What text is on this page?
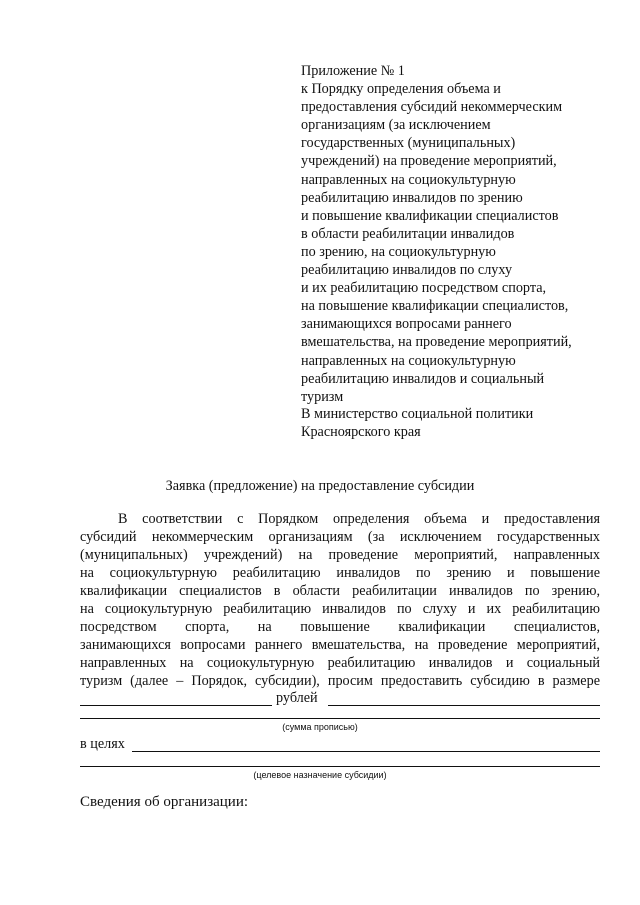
Приложение № 1
к Порядку определения объема и
предоставления субсидий некоммерческим
организациям (за исключением
государственных (муниципальных)
учреждений) на проведение мероприятий,
направленных на социокультурную
реабилитацию инвалидов по зрению
и повышение квалификации специалистов
в области реабилитации инвалидов
по зрению, на социокультурную
реабилитацию инвалидов по слуху
и их реабилитацию посредством спорта,
на повышение квалификации специалистов,
занимающихся вопросами раннего
вмешательства, на проведение мероприятий,
направленных на социокультурную
реабилитацию инвалидов и социальный
туризм
В министерство социальной политики
Красноярского края
Заявка (предложение) на предоставление субсидии
В соответствии с Порядком определения объема и предоставления
субсидий некоммерческим организациям (за исключением государственных
(муниципальных) учреждений) на проведение мероприятий, направленных
на социокультурную реабилитацию инвалидов по зрению и повышение
квалификации специалистов в области реабилитации инвалидов по зрению,
на социокультурную реабилитацию инвалидов по слуху и их реабилитацию
посредством спорта, на повышение квалификации специалистов,
занимающихся вопросами раннего вмешательства, на проведение мероприятий,
направленных на социокультурную реабилитацию инвалидов и социальный
туризм (далее – Порядок, субсидии), просим предоставить субсидию в размере
рублей
(сумма прописью)
в целях
(целевое назначение субсидии)
Сведения об организации:
